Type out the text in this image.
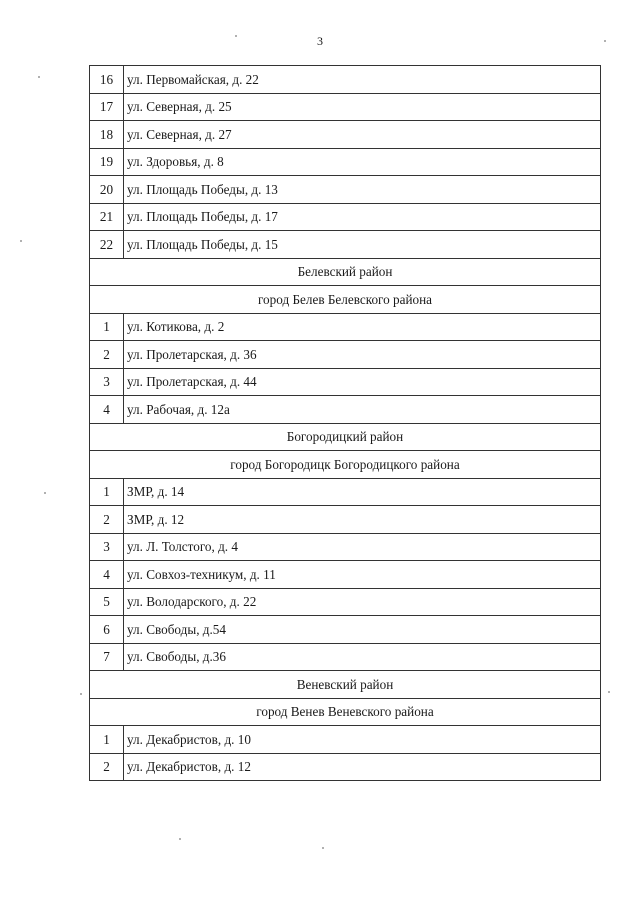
3
16	ул. Первомайская, д. 22
17	ул. Северная, д. 25
18	ул. Северная, д. 27
19	ул. Здоровья, д. 8
20	ул. Площадь Победы, д. 13
21	ул. Площадь Победы, д. 17
22	ул. Площадь Победы, д. 15
Белевский район	
город Белев Белевского района	
1	ул. Котикова, д. 2
2	ул. Пролетарская, д. 36
3	ул. Пролетарская, д. 44
4	ул. Рабочая, д. 12а
Богородицкий район	
город Богородицк Богородицкого района	
1	ЗМР, д. 14
2	ЗМР, д. 12
3	ул. Л. Толстого, д. 4
4	ул. Совхоз-техникум, д. 11
5	ул. Володарского, д. 22
6	ул. Свободы, д.54
7	ул. Свободы, д.36
Веневский район	
город Венев Веневского района	
1	ул. Декабристов, д. 10
2	ул. Декабристов, д. 12
